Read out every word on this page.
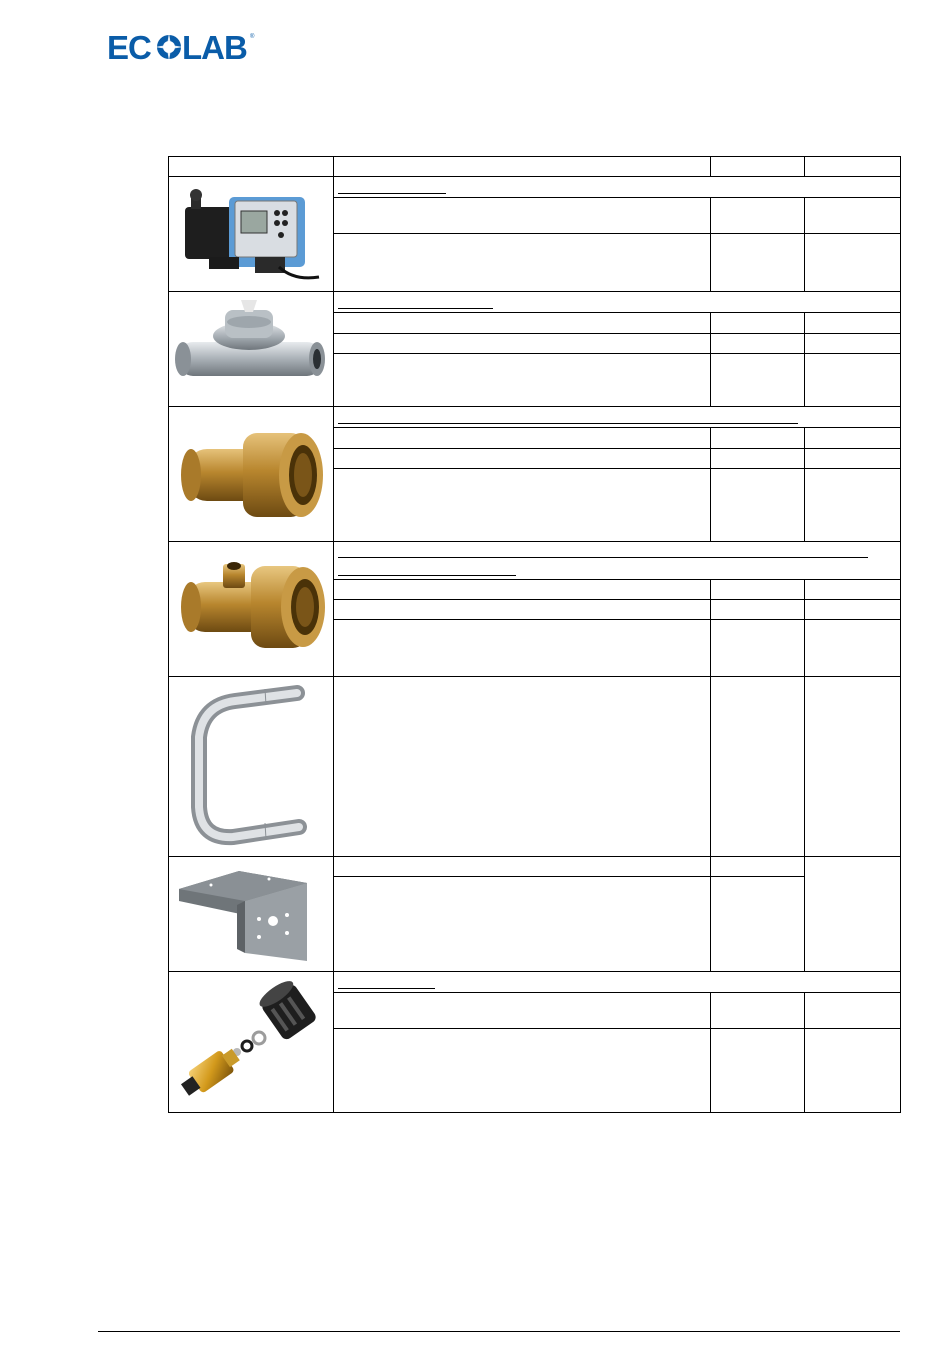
EC LAB ®
